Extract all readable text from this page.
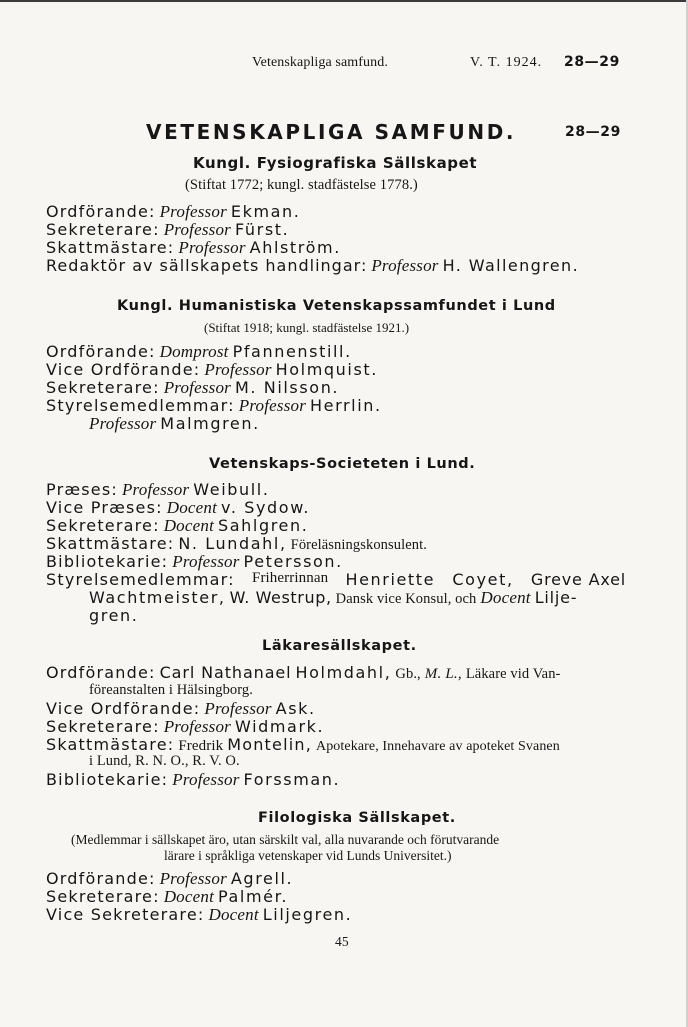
Vetenskapliga samfund.	V. T. 1924. 28—29
VETENSKAPLIGA SAMFUND.	28—29
Kungl. Fysiografiska Sällskapet
(Stiftat 1772; kungl. stadfästelse 1778.)
Ordförande: Professor Ekman.
Sekreterare: Professor Fürst.
Skattmästare: Professor Ahlström.
Redaktör av sällskapets handlingar: Professor H. Wallengren.
Kungl. Humanistiska Vetenskapssamfundet i Lund
(Stiftat 1918; kungl. stadfästelse 1921.)
Ordförande: Domprost Pfannenstill.
Vice Ordförande: Professor Holmquist.
Sekreterare: Professor M. Nilsson.
Styrelsemedlemmar: Professor Herrlin.
Professor Malmgren.
Vetenskaps-Societeten i Lund.
Præses: Professor Weibull.
Vice Præses: Docent v. Sydow.
Sekreterare: Docent Sahlgren.
Skattmästare: N. Lundahl, Föreläsningskonsulent.
Bibliotekarie: Professor Petersson.
Styrelsemedlemmar: Friherrinnan Henriette Coyet, Greve Axel
Wachtmeister, W. Westrup, Dansk vice Konsul, och Docent Lilje-
gren.
Läkaresällskapet.
Ordförande: Carl Nathanael Holmdahl, Gb., M. L., Läkare vid Van-
föreanstalten i Hälsingborg.
Vice Ordförande: Professor Ask.
Sekreterare: Professor Widmark.
Skattmästare: Fredrik Montelin, Apotekare, Innehavare av apoteket Svanen
i Lund, R. N. O., R. V. O.
Bibliotekarie: Professor Forssman.
Filologiska Sällskapet.
(Medlemmar i sällskapet äro, utan särskilt val, alla nuvarande och förutvarande
lärare i språkliga vetenskaper vid Lunds Universitet.)
Ordförande: Professor Agrell.
Sekreterare: Docent Palmér.
Vice Sekreterare: Docent Liljegren.
45
